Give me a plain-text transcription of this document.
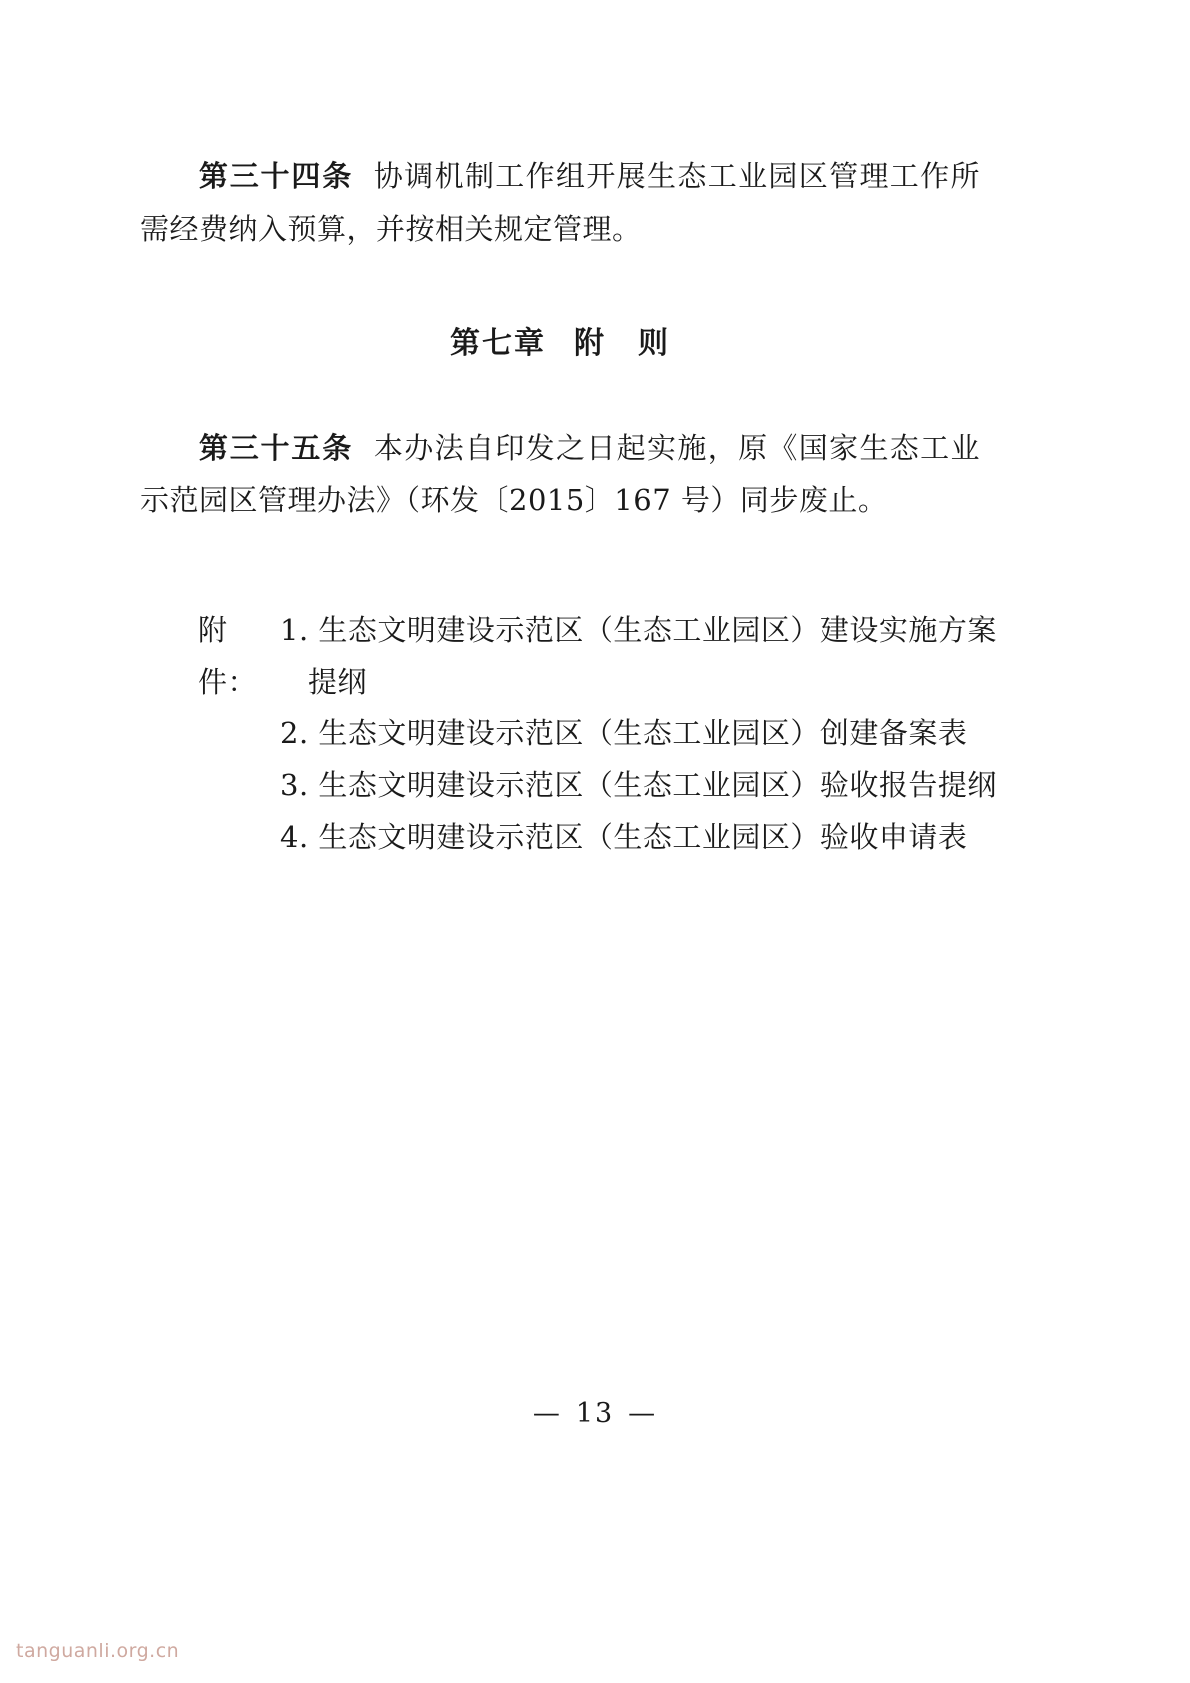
第三十四条 协调机制工作组开展生态工业园区管理工作所需经费纳入预算，并按相关规定管理。

第七章 附　则

第三十五条 本办法自印发之日起实施，原《国家生态工业示范园区管理办法》（环发〔2015〕167 号）同步废止。

附件：
1. 生态文明建设示范区（生态工业园区）建设实施方案
提纲
2. 生态文明建设示范区（生态工业园区）创建备案表
3. 生态文明建设示范区（生态工业园区）验收报告提纲
4. 生态文明建设示范区（生态工业园区）验收申请表
— 13 —
tanguanli.org.cn
